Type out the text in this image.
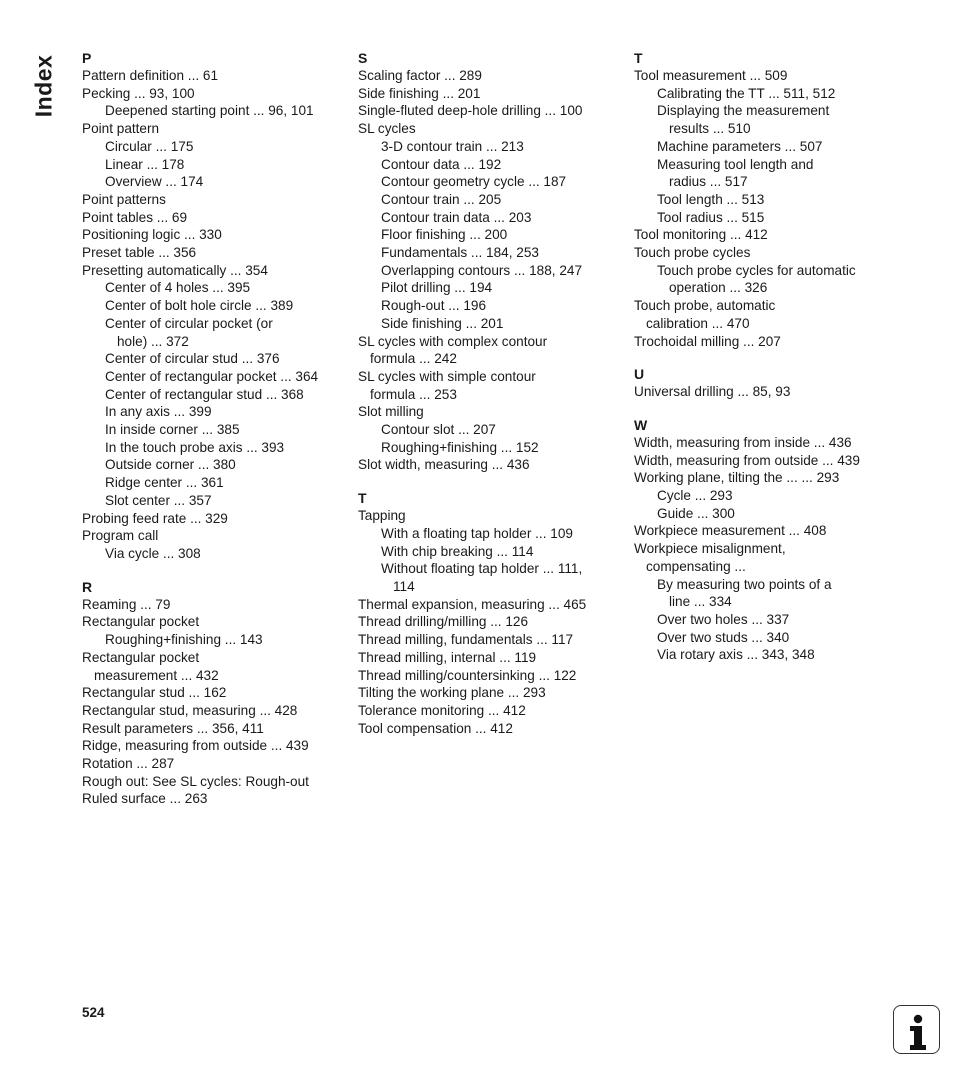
Index P
Pattern definition ... 61
Pecking ... 93, 100
Deepened starting point ... 96, 101
Point pattern
Circular ... 175
Linear ... 178
Overview ... 174
Point patterns
Point tables ... 69
Positioning logic ... 330
Preset table ... 356
Presetting automatically ... 354
Center of 4 holes ... 395
Center of bolt hole circle ... 389
Center of circular pocket (or
hole) ... 372
Center of circular stud ... 376
Center of rectangular pocket ... 364
Center of rectangular stud ... 368
In any axis ... 399
In inside corner ... 385
In the touch probe axis ... 393
Outside corner ... 380
Ridge center ... 361
Slot center ... 357
Probing feed rate ... 329
Program call
Via cycle ... 308
R
Reaming ... 79
Rectangular pocket
Roughing+finishing ... 143
Rectangular pocket
measurement ... 432
Rectangular stud ... 162
Rectangular stud, measuring ... 428
Result parameters ... 356, 411
Ridge, measuring from outside ... 439
Rotation ... 287
Rough out: See SL cycles: Rough-out
Ruled surface ... 263
S
Scaling factor ... 289
Side finishing ... 201
Single-fluted deep-hole drilling ... 100
SL cycles
3-D contour train ... 213
Contour data ... 192
Contour geometry cycle ... 187
Contour train ... 205
Contour train data ... 203
Floor finishing ... 200
Fundamentals ... 184, 253
Overlapping contours ... 188, 247
Pilot drilling ... 194
Rough-out ... 196
Side finishing ... 201
SL cycles with complex contour
formula ... 242
SL cycles with simple contour
formula ... 253
Slot milling
Contour slot ... 207
Roughing+finishing ... 152
Slot width, measuring ... 436
T
Tapping
With a floating tap holder ... 109
With chip breaking ... 114
Without floating tap holder ... 111,
114
Thermal expansion, measuring ... 465
Thread drilling/milling ... 126
Thread milling, fundamentals ... 117
Thread milling, internal ... 119
Thread milling/countersinking ... 122
Tilting the working plane ... 293
Tolerance monitoring ... 412
Tool compensation ... 412
T
Tool measurement ... 509
Calibrating the TT ... 511, 512
Displaying the measurement
results ... 510
Machine parameters ... 507
Measuring tool length and
radius ... 517
Tool length ... 513
Tool radius ... 515
Tool monitoring ... 412
Touch probe cycles
Touch probe cycles for automatic
operation ... 326
Touch probe, automatic
calibration ... 470
Trochoidal milling ... 207
U
Universal drilling ... 85, 93
W
Width, measuring from inside ... 436
Width, measuring from outside ... 439
Working plane, tilting the ... ... 293
Cycle ... 293
Guide ... 300
Workpiece measurement ... 408
Workpiece misalignment,
compensating ...
By measuring two points of a
line ... 334
Over two holes ... 337
Over two studs ... 340
Via rotary axis ... 343, 348
524
